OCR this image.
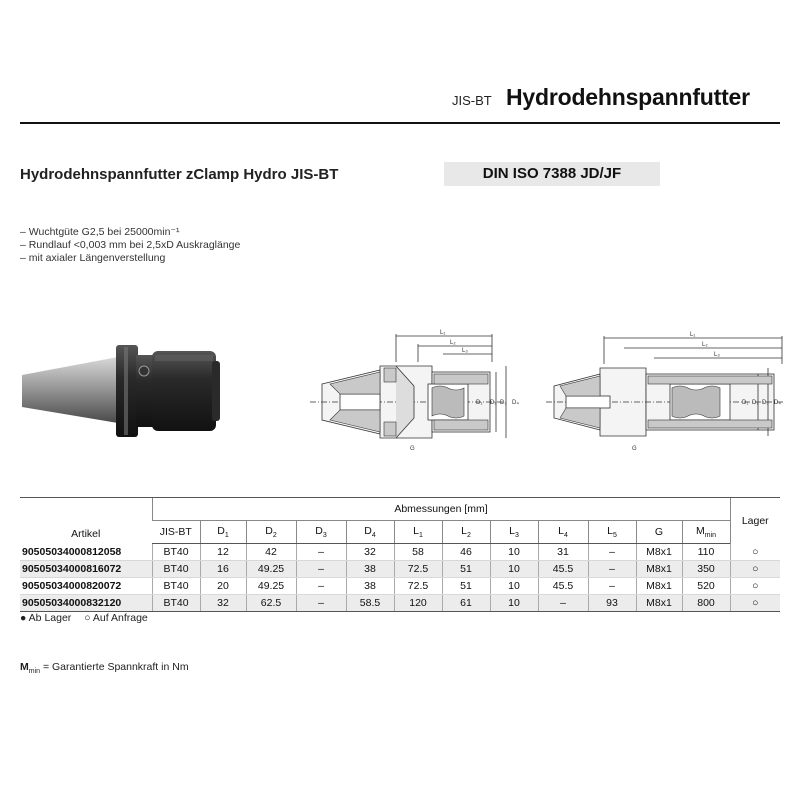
JIS-BT Hydrodehnspannfutter
Hydrodehnspannfutter zClamp Hydro JIS-BT	DIN ISO 7388 JD/JF
– Wuchtgüte G2,5 bei 25000min⁻¹
– Rundlauf <0,003 mm bei 2,5xD Auskraglänge
– mit axialer Längenverstellung
L₁
L₂
L₃
D₁ D₂ D₃ D₄
G
L₁
L₂
L₃
D₁ D₂ D₃ D₄
G
Artikel	Abmessungen [mm]												Lager
	JIS-BT	$D_1$	$D_2$	$D_3$	$D_4$	$L_1$	$L_2$	$L_3$	$L_4$	$L_5$	G	$M_{min}$
90505034000812058	BT40	12	42	–	32	58	46	10	31	–	M8x1	110	○
90505034000816072	BT40	16	49.25	–	38	72.5	51	10	45.5	–	M8x1	350	○
90505034000820072	BT40	20	49.25	–	38	72.5	51	10	45.5	–	M8x1	520	○
90505034000832120	BT40	32	62.5	–	58.5	120	61	10	–	93	M8x1	800	○
● Ab Lager ○ Auf Anfrage
$M_{min}$ = Garantierte Spannkraft in Nm
